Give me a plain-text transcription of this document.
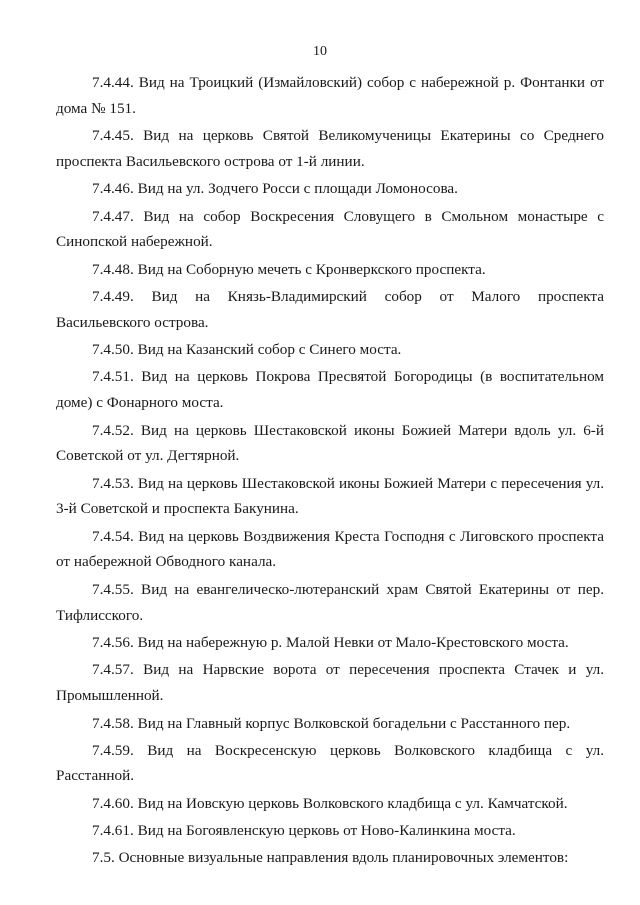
10

7.4.44. Вид на Троицкий (Измайловский) собор с набережной р. Фонтанки от дома № 151.

7.4.45. Вид на церковь Святой Великомученицы Екатерины со Среднего проспекта Васильевского острова от 1-й линии.

7.4.46. Вид на ул. Зодчего Росси с площади Ломоносова.

7.4.47. Вид на собор Воскресения Словущего в Смольном монастыре с Синопской набережной.

7.4.48. Вид на Соборную мечеть с Кронверкского проспекта.

7.4.49. Вид на Князь-Владимирский собор от Малого проспекта Васильевского острова.

7.4.50. Вид на Казанский собор с Синего моста.

7.4.51. Вид на церковь Покрова Пресвятой Богородицы (в воспитательном доме) с Фонарного моста.

7.4.52. Вид на церковь Шестаковской иконы Божией Матери вдоль ул. 6-й Советской от ул. Дегтярной.

7.4.53. Вид на церковь Шестаковской иконы Божией Матери с пересечения ул. 3-й Советской и проспекта Бакунина.

7.4.54. Вид на церковь Воздвижения Креста Господня с Лиговского проспекта от набережной Обводного канала.

7.4.55. Вид на евангелическо-лютеранский храм Святой Екатерины от пер. Тифлисского.

7.4.56. Вид на набережную р. Малой Невки от Мало-Крестовского моста.

7.4.57. Вид на Нарвские ворота от пересечения проспекта Стачек и ул. Промышленной.

7.4.58. Вид на Главный корпус Волковской богадельни с Расстанного пер.

7.4.59. Вид на Воскресенскую церковь Волковского кладбища с ул. Расстанной.

7.4.60. Вид на Иовскую церковь Волковского кладбища с ул. Камчатской.

7.4.61. Вид на Богоявленскую церковь от Ново-Калинкина моста.

7.5. Основные визуальные направления вдоль планировочных элементов:
